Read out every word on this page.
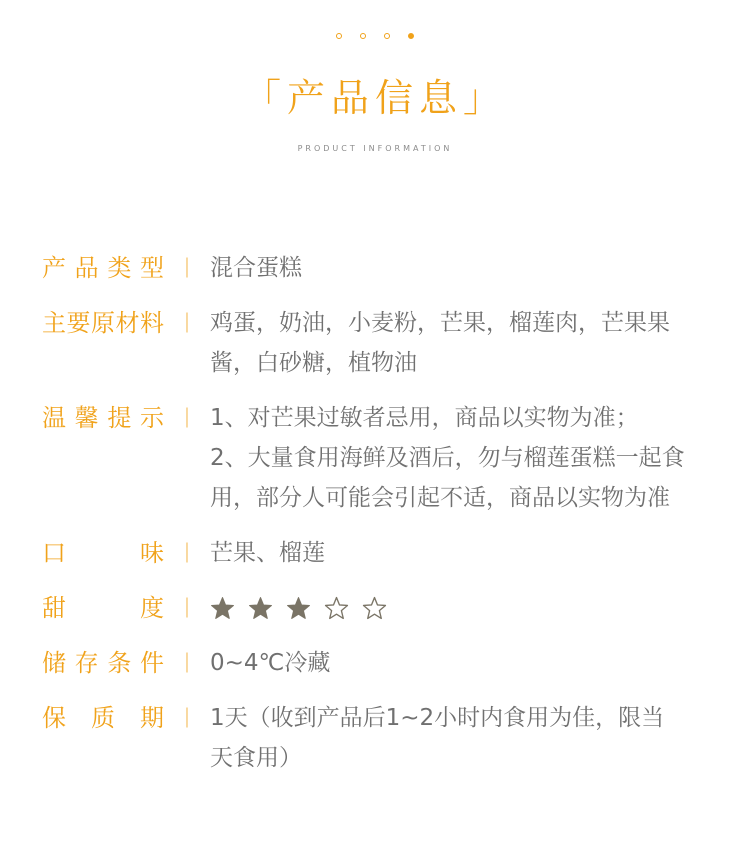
「产品信息」
PRODUCT INFORMATION
产品类型 ｜ 混合蛋糕

主要原材料 ｜ 鸡蛋，奶油，小麦粉，芒果，榴莲肉，芒果果

酱，白砂糖，植物油

温馨提示 ｜ 1、对芒果过敏者忌用，商品以实物为准；

2、大量食用海鲜及酒后，勿与榴莲蛋糕一起食

用，部分人可能会引起不适，商品以实物为准

口味 ｜ 芒果、榴莲

甜度 ｜
储存条件 ｜ 0~4℃冷藏

保质期 ｜ 1天（收到产品后1~2小时内食用为佳，限当

天食用）
